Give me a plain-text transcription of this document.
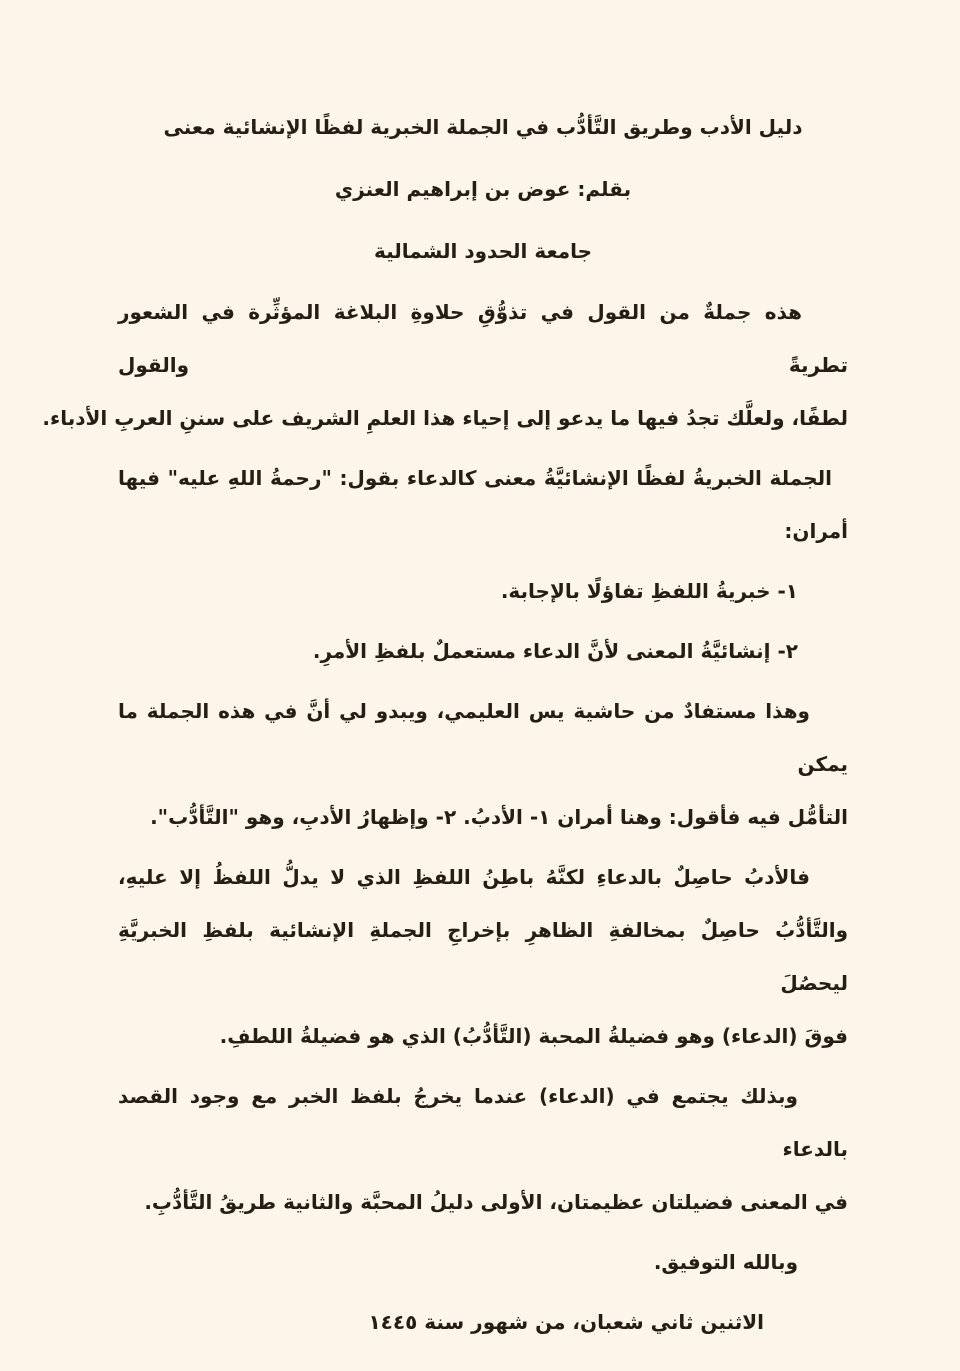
دليل الأدب وطريق التَّأدُّب في الجملة الخبرية لفظًا الإنشائية معنى

بقلم: عوض بن إبراهيم العنزي

جامعة الحدود الشمالية

هذه جملةٌ من القول في تذوُّقِ حلاوةِ البلاغة المؤثِّرة في الشعور تطريةً والقول
لطفًا، ولعلَّك تجدُ فيها ما يدعو إلى إحياء هذا العلمِ الشريف على سننِ العربِ الأدباء.

الجملة الخبريةُ لفظًا الإنشائيَّةُ معنى كالدعاء بقول: "رحمةُ اللهِ عليه" فيها
أمران:

١- خبريةُ اللفظِ تفاؤلًا بالإجابة.

٢- إنشائيَّةُ المعنى لأنَّ الدعاء مستعملٌ بلفظِ الأمرِ.

وهذا مستفادٌ من حاشية يس العليمي، ويبدو لي أنَّ في هذه الجملة ما يمكن
التأمُّل فيه فأقول: وهنا أمران ١- الأدبُ. ٢- وإظهارُ الأدبِ، وهو "التَّأدُّب".

فالأدبُ حاصِلٌ بالدعاءِ لكنَّهُ باطِنُ اللفظِ الذي لا يدلُّ اللفظُ إلا عليهِ،
والتَّأدُّبُ حاصِلٌ بمخالفةِ الظاهرِ بإخراجِ الجملةِ الإنشائية بلفظِ الخبريَّةِ ليحصُلَ
فوقَ (الدعاء) وهو فضيلةُ المحبة (التَّأدُّبُ) الذي هو فضيلةُ اللطفِ.

وبذلك يجتمع في (الدعاء) عندما يخرجُ بلفظ الخبر مع وجود القصد بالدعاء
في المعنى فضيلتان عظيمتان، الأولى دليلُ المحبَّة والثانية طريقُ التَّأدُّبِ.

وبالله التوفيق.

الاثنين ثاني شعبان، من شهور سنة ١٤٤٥
